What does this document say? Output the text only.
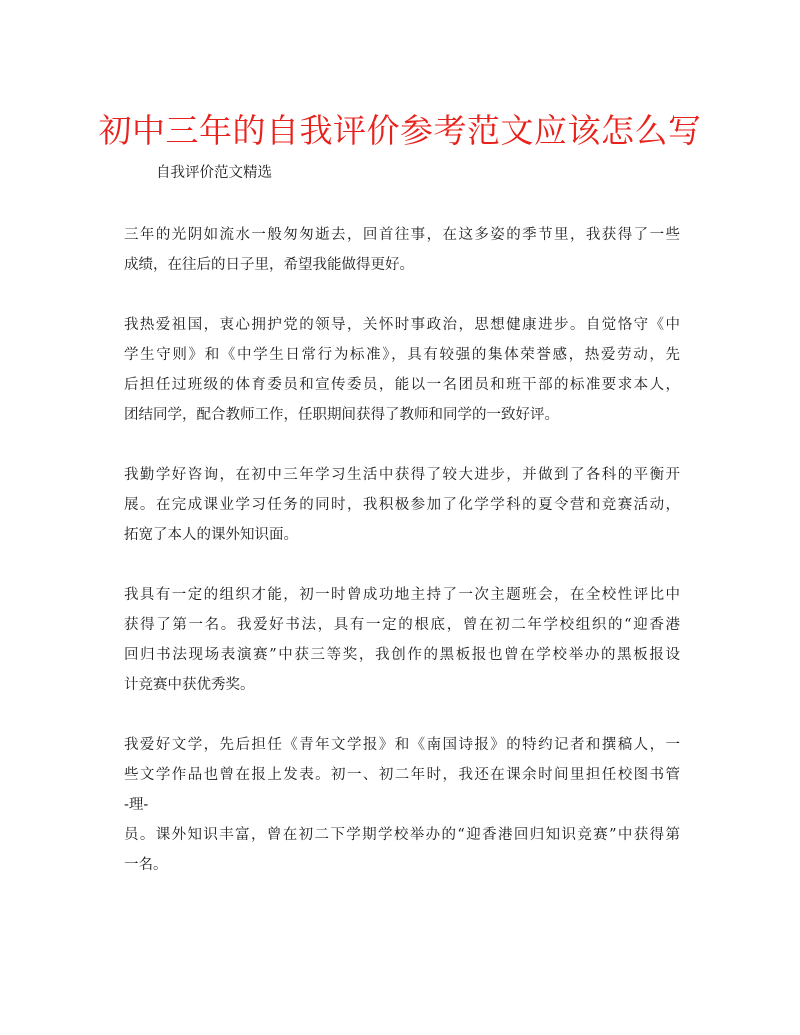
初中三年的自我评价参考范文应该怎么写
自我评价范文精选
三年的光阴如流水一般匆匆逝去，回首往事，在这多姿的季节里，我获得了一些
成绩，在往后的日子里，希望我能做得更好。
我热爱祖国，衷心拥护党的领导，关怀时事政治，思想健康进步。自觉恪守《中
学生守则》和《中学生日常行为标准》，具有较强的集体荣誉感，热爱劳动，先
后担任过班级的体育委员和宣传委员，能以一名团员和班干部的标准要求本人，
团结同学，配合教师工作，任职期间获得了教师和同学的一致好评。
我勤学好咨询，在初中三年学习生活中获得了较大进步，并做到了各科的平衡开
展。在完成课业学习任务的同时，我积极参加了化学学科的夏令营和竞赛活动，
拓宽了本人的课外知识面。
我具有一定的组织才能，初一时曾成功地主持了一次主题班会，在全校性评比中
获得了第一名。我爱好书法，具有一定的根底，曾在初二年学校组织的“迎香港
回归书法现场表演赛”中获三等奖，我创作的黑板报也曾在学校举办的黑板报设
计竞赛中获优秀奖。
我爱好文学，先后担任《青年文学报》和《南国诗报》的特约记者和撰稿人，一
些文学作品也曾在报上发表。初一、初二年时，我还在课余时间里担任校图书管
-理-
员。课外知识丰富，曾在初二下学期学校举办的“迎香港回归知识竞赛”中获得第
一名。
